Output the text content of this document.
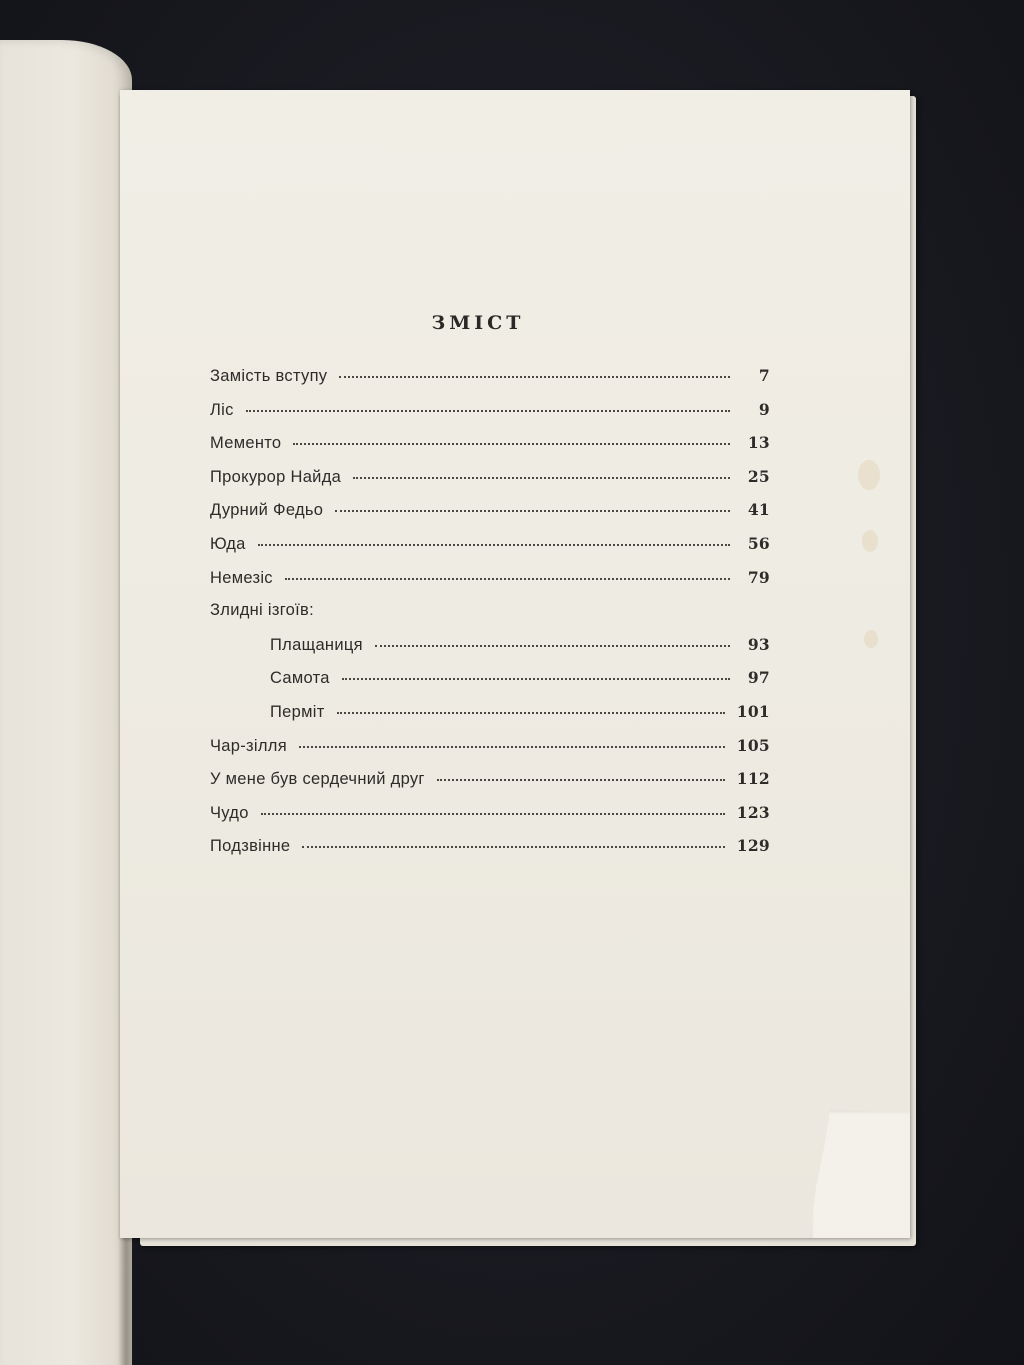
ЗМІСТ
Замість вступу	7
Ліс	9
Мементо	13
Прокурор Найда	25
Дурний Федьо	41
Юда	56
Немезіс	79
Злидні ізгоїв:
Плащаниця	93
Самота	97
Перміт	101
Чар-зілля	105
У мене був сердечний друг	112
Чудо	123
Подзвінне	129
